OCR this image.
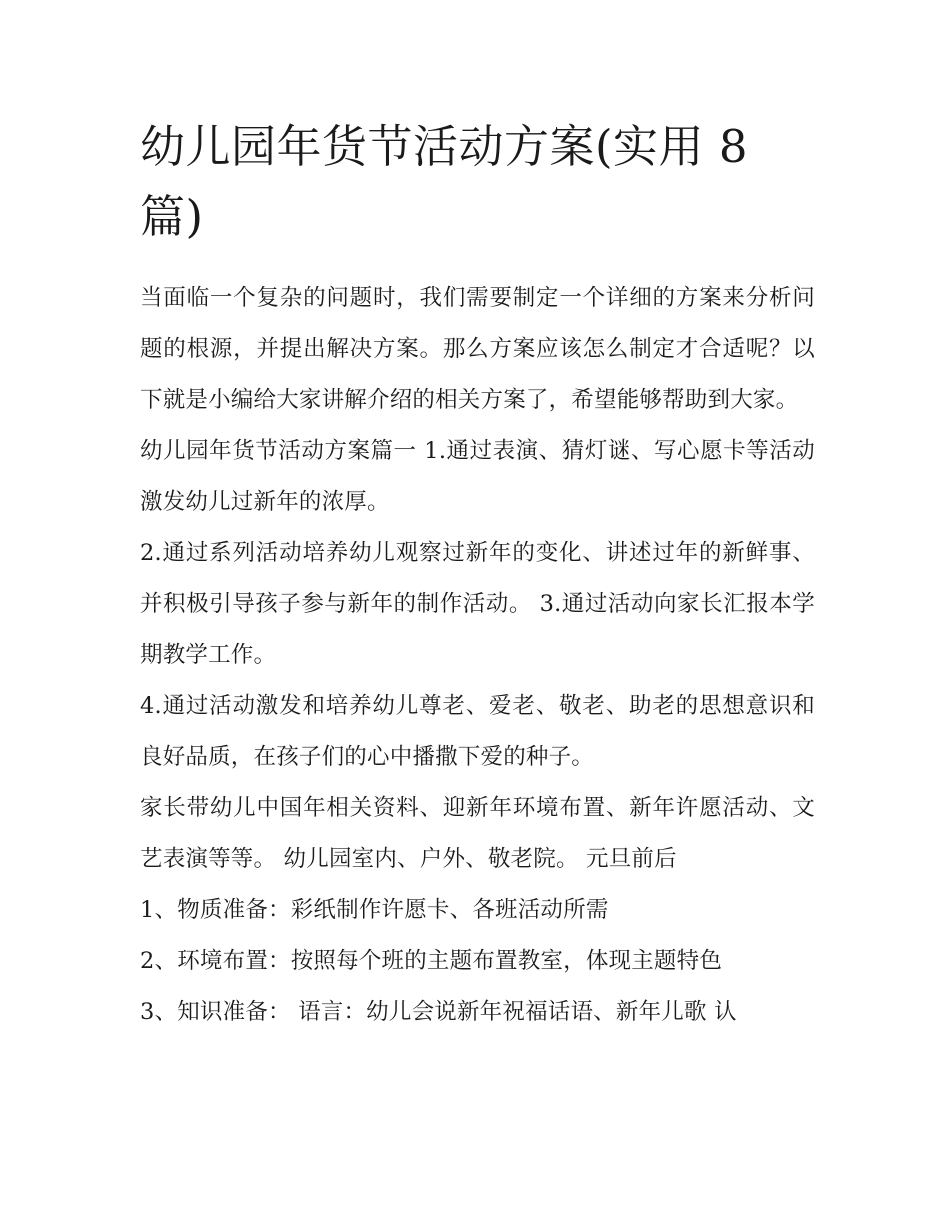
幼儿园年货节活动方案(实用 8 篇)

当面临一个复杂的问题时，我们需要制定一个详细的方案来分析问题的根源，并提出解决方案。那么方案应该怎么制定才合适呢？以下就是小编给大家讲解介绍的相关方案了，希望能够帮助到大家。

幼儿园年货节活动方案篇一 1.通过表演、猜灯谜、写心愿卡等活动激发幼儿过新年的浓厚。

2.通过系列活动培养幼儿观察过新年的变化、讲述过年的新鲜事、并积极引导孩子参与新年的制作活动。 3.通过活动向家长汇报本学期教学工作。

4.通过活动激发和培养幼儿尊老、爱老、敬老、助老的思想意识和良好品质，在孩子们的心中播撒下爱的种子。

家长带幼儿中国年相关资料、迎新年环境布置、新年许愿活动、文艺表演等等。 幼儿园室内、户外、敬老院。 元旦前后

1、物质准备：彩纸制作许愿卡、各班活动所需

2、环境布置：按照每个班的主题布置教室，体现主题特色

3、知识准备： 语言：幼儿会说新年祝福话语、新年儿歌 认
